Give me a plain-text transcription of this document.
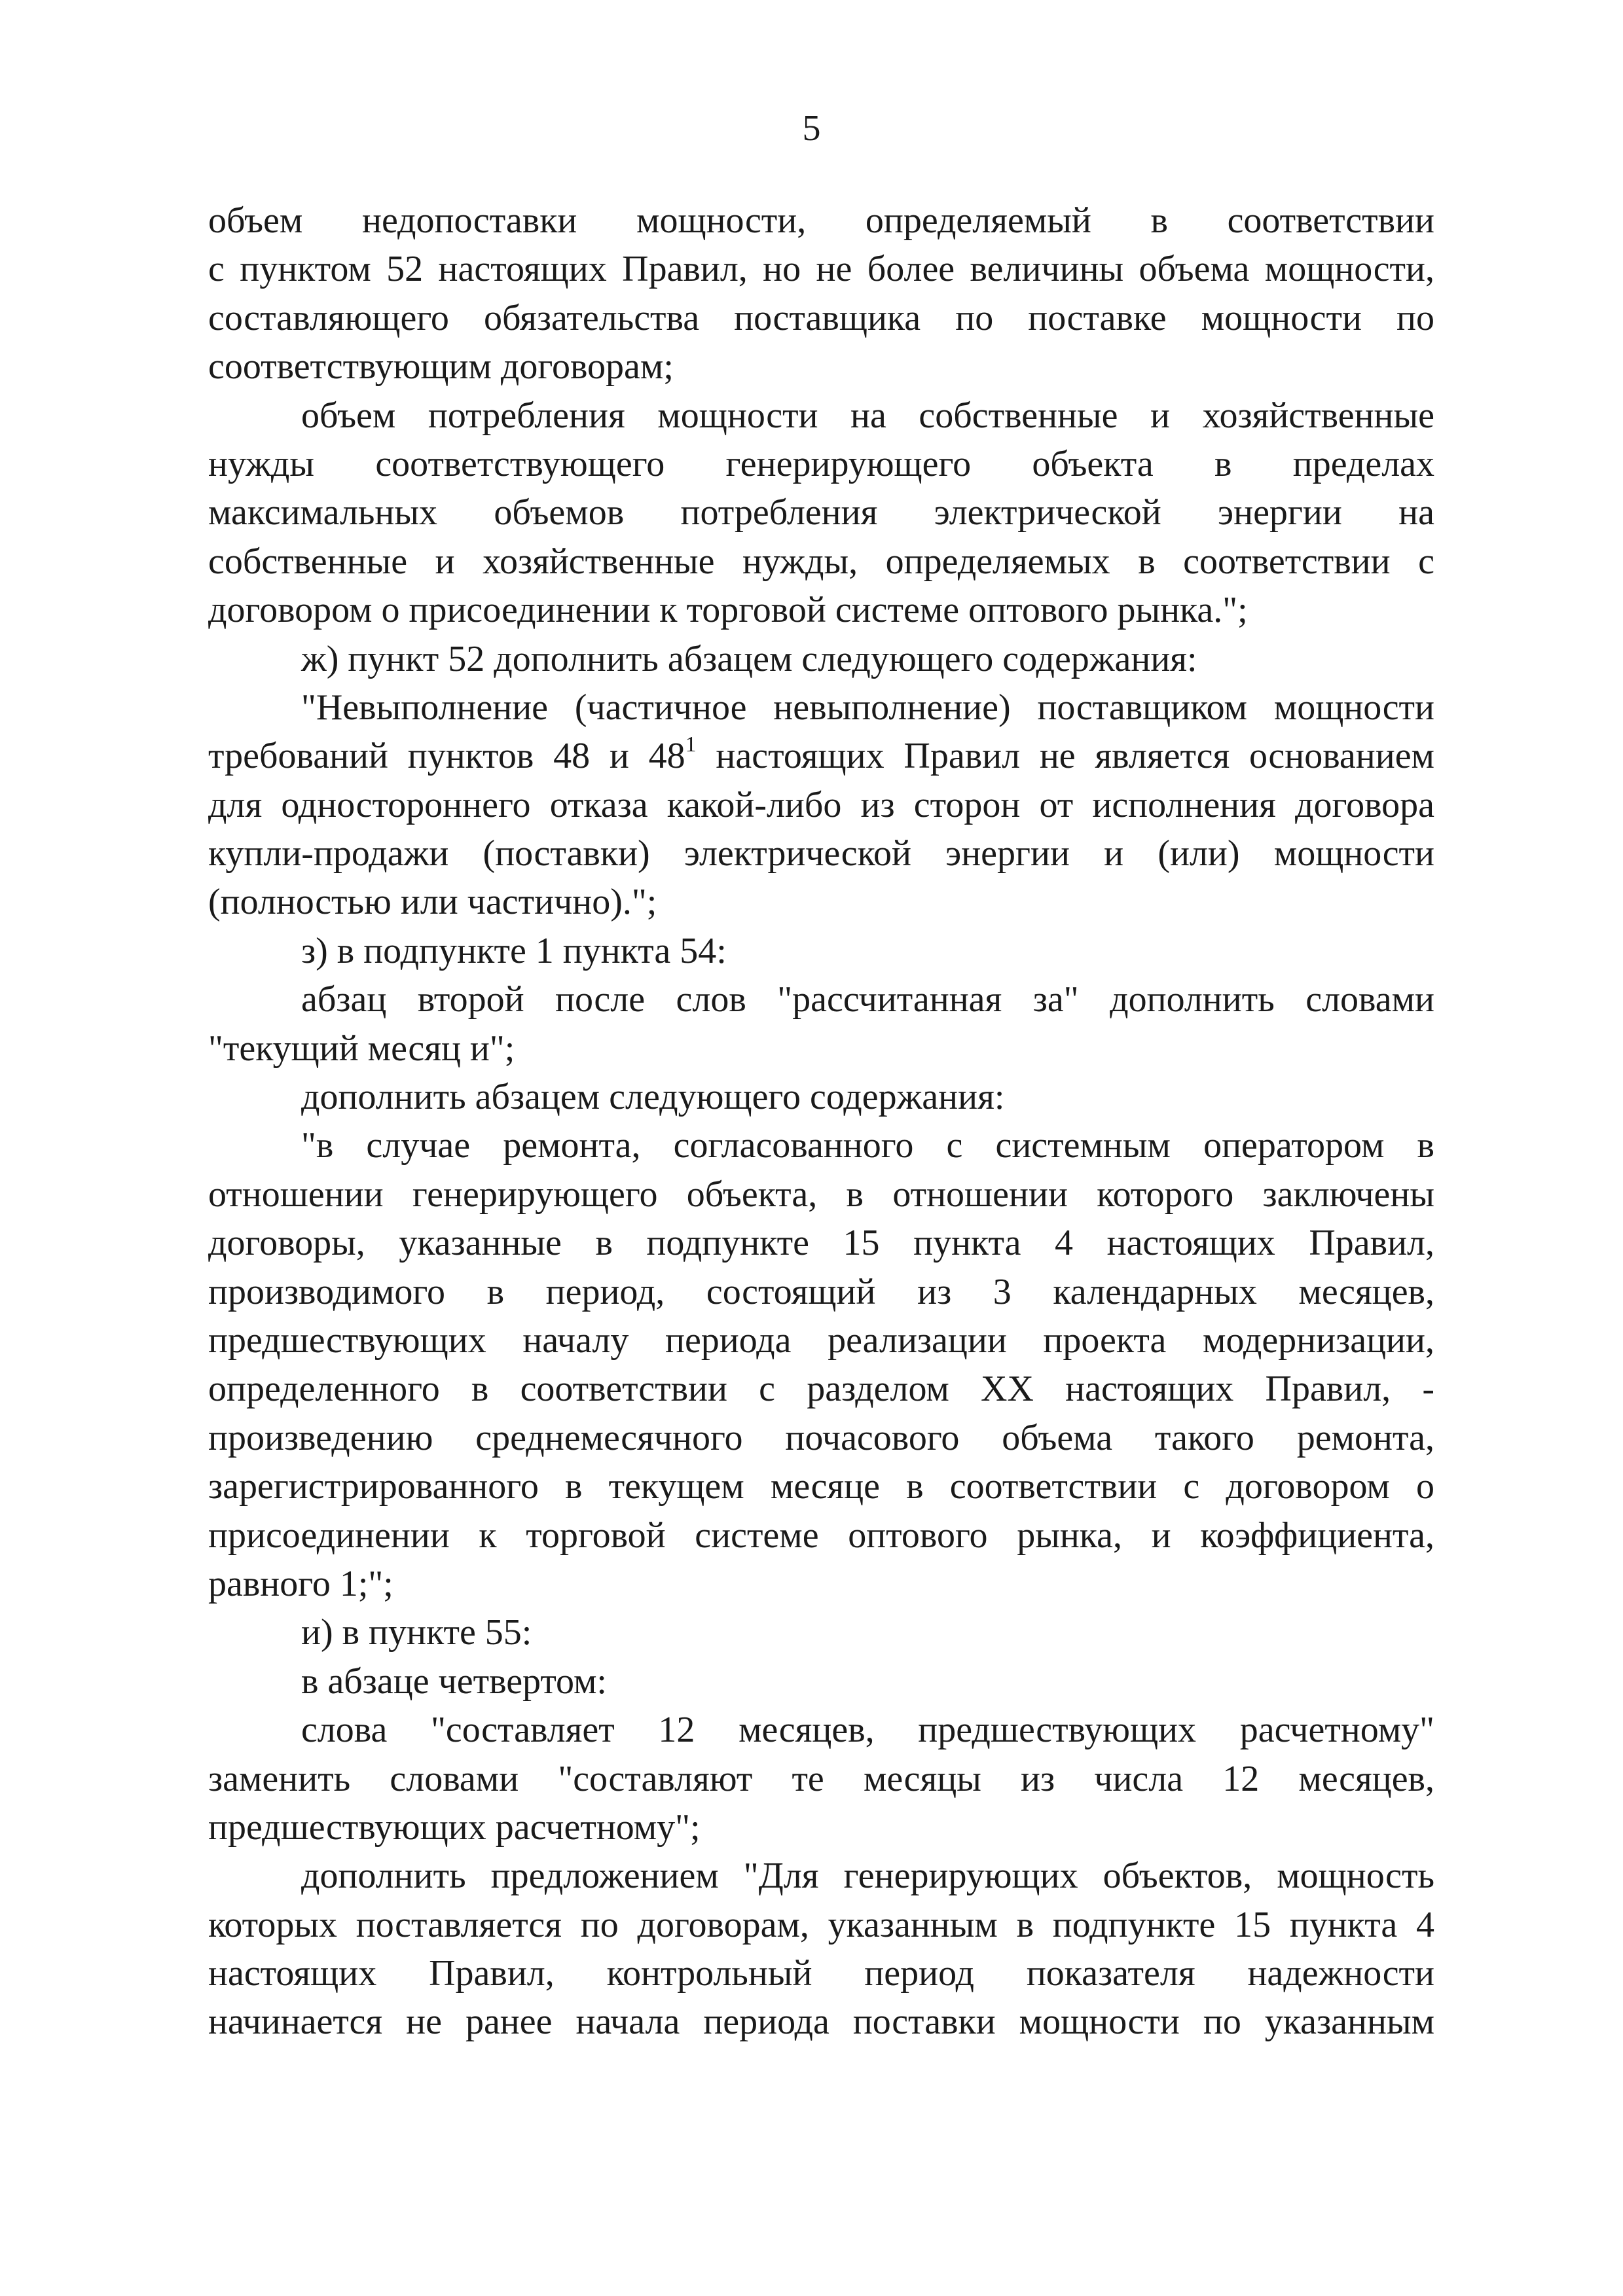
5
объем недопоставки мощности, определяемый в соответствии
с пунктом 52 настоящих Правил, но не более величины объема мощности,
составляющего обязательства поставщика по поставке мощности по
соответствующим договорам;
объем потребления мощности на собственные и хозяйственные
нужды соответствующего генерирующего объекта в пределах
максимальных объемов потребления электрической энергии на
собственные и хозяйственные нужды, определяемых в соответствии с
договором о присоединении к торговой системе оптового рынка.";
ж) пункт 52 дополнить абзацем следующего содержания:
"Невыполнение (частичное невыполнение) поставщиком мощности
требований пунктов 48 и $48^1$ настоящих Правил не является основанием
для одностороннего отказа какой-либо из сторон от исполнения договора
купли-продажи (поставки) электрической энергии и (или) мощности
(полностью или частично).";
з) в подпункте 1 пункта 54:
абзац второй после слов "рассчитанная за" дополнить словами
"текущий месяц и";
дополнить абзацем следующего содержания:
"в случае ремонта, согласованного с системным оператором в
отношении генерирующего объекта, в отношении которого заключены
договоры, указанные в подпункте 15 пункта 4 настоящих Правил,
производимого в период, состоящий из 3 календарных месяцев,
предшествующих началу периода реализации проекта модернизации,
определенного в соответствии с разделом XX настоящих Правил, -
произведению среднемесячного почасового объема такого ремонта,
зарегистрированного в текущем месяце в соответствии с договором о
присоединении к торговой системе оптового рынка, и коэффициента,
равного 1;";
и) в пункте 55:
в абзаце четвертом:
слова "составляет 12 месяцев, предшествующих расчетному"
заменить словами "составляют те месяцы из числа 12 месяцев,
предшествующих расчетному";
дополнить предложением "Для генерирующих объектов, мощность
которых поставляется по договорам, указанным в подпункте 15 пункта 4
настоящих Правил, контрольный период показателя надежности
начинается не ранее начала периода поставки мощности по указанным
